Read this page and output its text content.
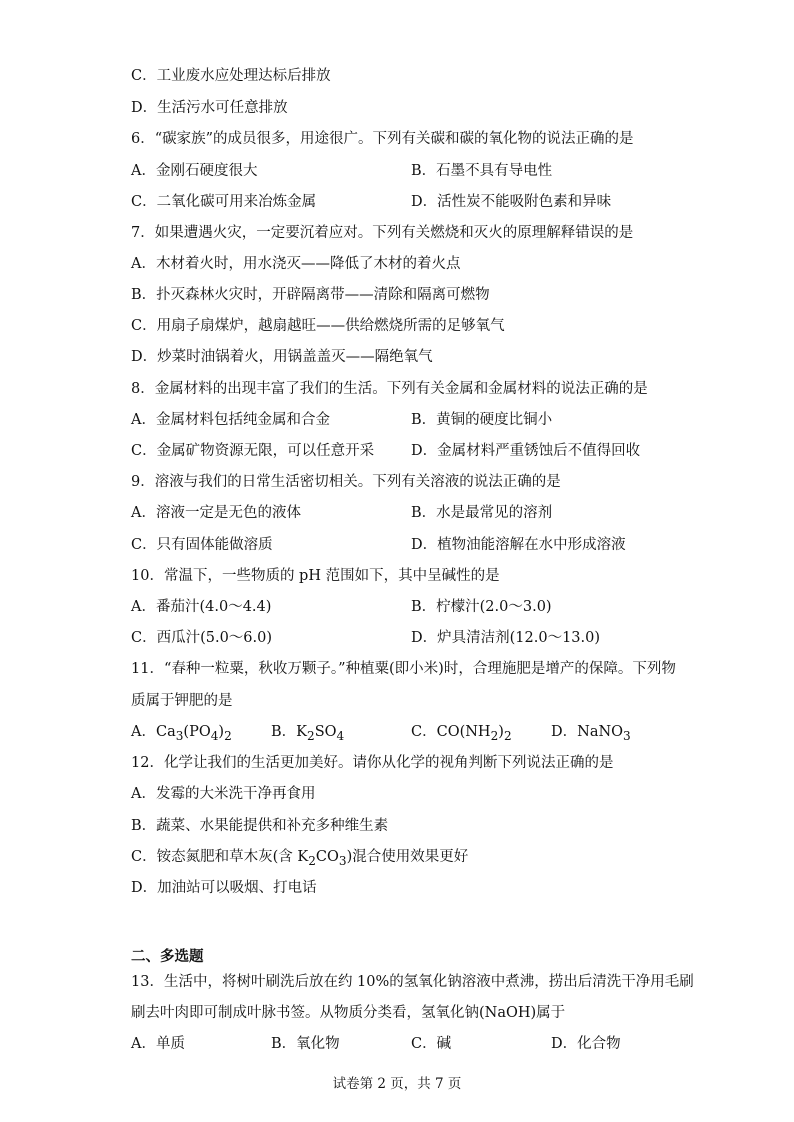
C．工业废水应处理达标后排放
D．生活污水可任意排放
6．“碳家族”的成员很多，用途很广。下列有关碳和碳的氧化物的说法正确的是
A．金刚石硬度很大	B．石墨不具有导电性
C．二氧化碳可用来冶炼金属	D．活性炭不能吸附色素和异味
7．如果遭遇火灾，一定要沉着应对。下列有关燃烧和灭火的原理解释错误的是
A．木材着火时，用水浇灭——降低了木材的着火点
B．扑灭森林火灾时，开辟隔离带——清除和隔离可燃物
C．用扇子扇煤炉，越扇越旺——供给燃烧所需的足够氧气
D．炒菜时油锅着火，用锅盖盖灭——隔绝氧气
8．金属材料的出现丰富了我们的生活。下列有关金属和金属材料的说法正确的是
A．金属材料包括纯金属和合金	B．黄铜的硬度比铜小
C．金属矿物资源无限，可以任意开采	D．金属材料严重锈蚀后不值得回收
9．溶液与我们的日常生活密切相关。下列有关溶液的说法正确的是
A．溶液一定是无色的液体	B．水是最常见的溶剂
C．只有固体能做溶质	D．植物油能溶解在水中形成溶液
10．常温下，一些物质的 pH 范围如下，其中呈碱性的是
A．番茄汁(4.0～4.4)	B．柠檬汁(2.0～3.0)
C．西瓜汁(5.0～6.0)	D．炉具清洁剂(12.0～13.0)
11．“春种一粒粟，秋收万颗子。”种植粟(即小米)时，合理施肥是增产的保障。下列物
质属于钾肥的是
A．$Ca_3(PO_4)_2$	B．$K_2SO_4$	C．$CO(NH_2)_2$	D．NaNO$_3$
12．化学让我们的生活更加美好。请你从化学的视角判断下列说法正确的是
A．发霉的大米洗干净再食用
B．蔬菜、水果能提供和补充多种维生素
C．铵态氮肥和草木灰(含 $K_2CO_3$)混合使用效果更好
D．加油站可以吸烟、打电话
二、多选题
13．生活中，将树叶刷洗后放在约 10%的氢氧化钠溶液中煮沸，捞出后清洗干净用毛刷
刷去叶肉即可制成叶脉书签。从物质分类看，氢氧化钠(NaOH)属于
A．单质	B．氧化物	C．碱	D．化合物
试卷第 2 页，共 7 页
